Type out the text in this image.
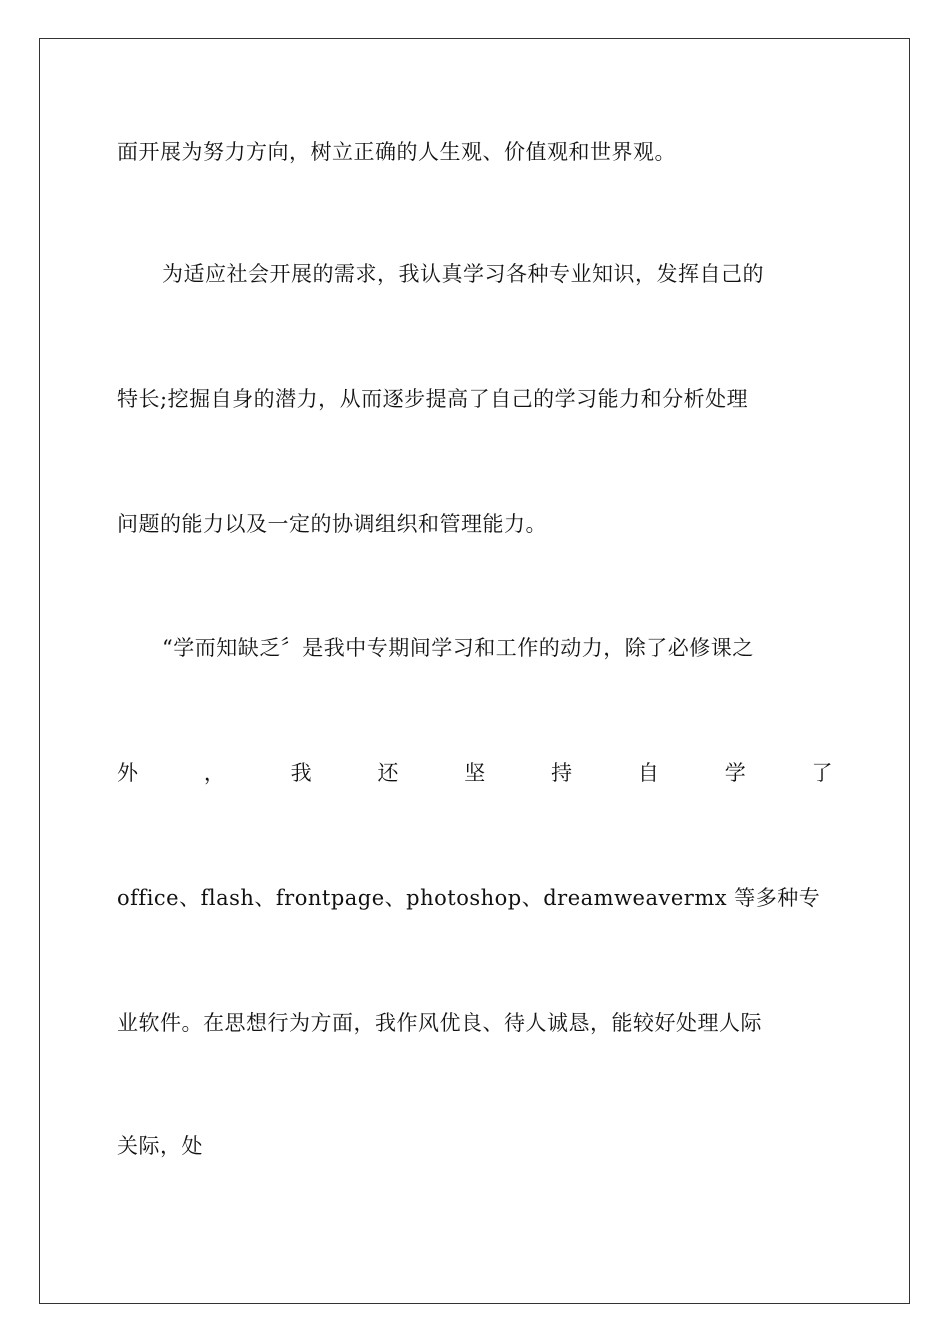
面开展为努力方向，树立正确的人生观、价值观和世界观。
为适应社会开展的需求，我认真学习各种专业知识，发挥自己的
特长;挖掘自身的潜力，从而逐步提高了自己的学习能力和分析处理
问题的能力以及一定的协调组织和管理能力。
“学而知缺乏〞是我中专期间学习和工作的动力，除了必修课之
外	，	我	还	坚	持	自	学	了
office、flash、frontpage、photoshop、dreamweavermx 等多种专
业软件。在思想行为方面，我作风优良、待人诚恳，能较好处理人际
关际，处
